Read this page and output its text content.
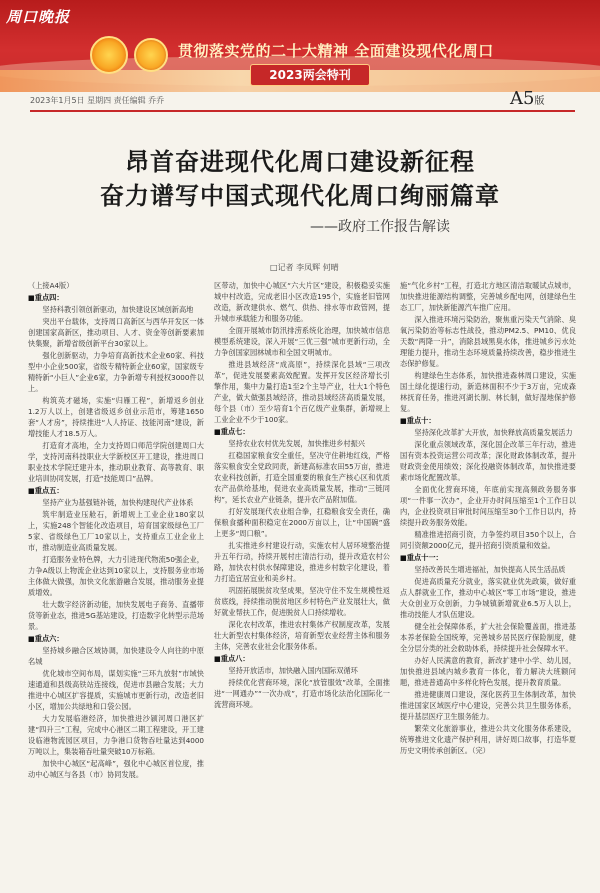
周口晚报
贯彻落实党的二十大精神 全面建设现代化周口
2023两会特刊
2023年1月5日 星期四 责任编辑 乔乔	A5版
昂首奋进现代化周口建设新征程
奋力谱写中国式现代化周口绚丽篇章
——政府工作报告解读
□记者 李凤辉 何晴

（上接A4版）

■重点四：

坚持科教引领创新驱动，加快建设区域创新高地

突出平台载体，支持周口高新区与西华开发区一体创建国家高新区，推动项目、人才、资金等创新要素加快集聚，新增省级创新平台30家以上。

强化创新驱动，力争培育高新技术企业60家、科技型中小企业500家，省级专精特新企业60家，国家级专精特新“小巨人”企业6家，力争新增专利授权3000件以上。

构筑英才磁场，实施“归雁工程”，新增返乡创业1.2万人以上，创建省级返乡创业示范市，筹建1650套“人才房”，持续推进“人人持证、技能河南”建设，新增技能人才18.5万人。

打造育才高地，全力支持周口师范学院创建周口大学，支持河南科技职业大学新校区开工建设，推进周口职业技术学院迁建升本，推动职业教育、高等教育、职业培训协同发展，打造“技能周口”品牌。

■重点五：

坚持产业为基强链补链，加快构建现代产业体系

筑牢制造业压舱石，新增规上工业企业180家以上，实施248个智能化改造项目，培育国家级绿色工厂5家、省级绿色工厂10家以上，支持重点工业企业上市，推动制造业高质量发展。

打造服务业特色牌，大力引进现代物流50强企业，力争A级以上物流企业达到10家以上，支持服务业市场主体做大做强，加快文化旅游融合发展，推动服务业提质增效。

壮大数字经济新动能，加快发展电子商务、直播带货等新业态，推进5G基站建设，打造数字化转型示范场景。

■重点六：

坚持城乡融合区域协调，加快建设令人向往的中原名城

优化城市空间布局，谋划实施“三环九放射”市域快速通道和县级高铁站连接线，促进市县融合发展；大力推进中心城区扩容提质，实施城市更新行动，改造老旧小区，增加公共绿地和口袋公园。

大力发展临港经济，加快推进沙颍河周口港区扩建“四升三”工程，完成中心港区二期工程建设，开工建设临港物流园区项目，力争港口货物吞吐量达到4000万吨以上，集装箱吞吐量突破10万标箱。

加快中心城区“起高峰”，强化中心城区首位度，推动中心城区与各县（市）协同发展。

区带动，加快中心城区“六大片区”建设，积极稳妥实施城中村改造，完成老旧小区改造195个，实施老旧管网改造，新改建供水、燃气、供热、排水等市政管网，提升城市承载能力和服务功能。

全面开展城市防汛排涝系统化治理，加快城市信息模型系统建设，深入开展“三优三强”城市更新行动，全力争创国家园林城市和全国文明城市。

推进县域经济“成高原”，持续深化县域“三项改革”，促进发展要素高效配置。发挥开发区经济增长引擎作用，集中力量打造1至2个主导产业，壮大1个特色产业，做大做强县域经济，推动县域经济高质量发展，每个县（市）至少培育1个百亿级产业集群，新增规上工业企业不少于100家。

■重点七：

坚持农业农村优先发展，加快推进乡村振兴

扛稳国家粮食安全重任，坚决守住耕地红线，严格落实粮食安全党政同责，新建高标准农田55万亩，推进农业科技创新，打造全国重要的粮食生产核心区和优质农产品供给基地，促进农业高质量发展，推动“三链同构”，延长农业产业链条，提升农产品附加值。

打好发展现代农业组合拳，扛稳粮食安全责任，确保粮食播种面积稳定在2000万亩以上，让“中国碗”盛上更多“周口粮”。

扎实推进乡村建设行动，实施农村人居环境整治提升五年行动，持续开展村庄清洁行动，提升改造农村公路，加快农村供水保障建设，推进乡村数字化建设，着力打造宜居宜业和美乡村。

巩固拓展脱贫攻坚成果，坚决守住不发生规模性返贫底线，持续推动脱贫地区乡村特色产业发展壮大，做好就业帮扶工作，促进脱贫人口持续增收。

深化农村改革，推进农村集体产权制度改革，发展壮大新型农村集体经济，培育新型农业经营主体和服务主体，完善农业社会化服务体系。

■重点八：

坚持开放活市，加快融入国内国际双循环

持续优化营商环境，深化“放管服效”改革，全面推进“一网通办”“一次办成”，打造市场化法治化国际化一流营商环境。

施“气化乡村”工程，打造北方地区清洁取暖试点城市，加快推进能源结构调整，完善城乡配电网，创建绿色生态工厂，加快新能源汽车推广应用。

深入推进环境污染防治，聚焦重污染天气消除、臭氧污染防治等标志性战役，推动PM2.5、PM10、优良天数“两降一升”，消除县域黑臭水体，推进城乡污水处理能力提升，推动生态环境质量持续改善，稳步推进生态保护修复。

构建绿色生态体系，加快推进森林周口建设，实施国土绿化提速行动，新造林面积不少于3万亩，完成森林抚育任务，推进河湖长制、林长制，做好湿地保护修复。

■重点十：

坚持深化改革扩大开放，加快释放高质量发展活力

深化重点领域改革，深化国企改革三年行动，推进国有资本投资运营公司改革；深化财政体制改革，提升财政资金使用绩效；深化投融资体制改革，加快推进要素市场化配置改革。

全面优化营商环境，年底前实现高频政务服务事项“一件事一次办”，企业开办时间压缩至1个工作日以内，企业投资项目审批时间压缩至30个工作日以内，持续提升政务服务效能。

精准推进招商引资，力争签约项目350个以上，合同引资额2000亿元，提升招商引资质量和效益。

■重点十一：

坚持改善民生增进福祉，加快提高人民生活品质

促进高质量充分就业，落实就业优先政策，做好重点人群就业工作，推动中心城区“零工市场”建设，推进大众创业万众创新，力争城镇新增就业6.5万人以上，推动技能人才队伍建设。

健全社会保障体系，扩大社会保险覆盖面，推进基本养老保险全国统筹，完善城乡居民医疗保险制度，健全分层分类的社会救助体系，持续提升社会保障水平。

办好人民满意的教育，新改扩建中小学、幼儿园，加快推进县域内城乡教育一体化，着力解决大班额问题，推进普通高中多样化特色发展，提升教育质量。

推进健康周口建设，深化医药卫生体制改革，加快推进国家区域医疗中心建设，完善公共卫生服务体系，提升基层医疗卫生服务能力。

繁荣文化旅游事业，推进公共文化服务体系建设，统筹推进文化遗产保护利用，讲好周口故事，打造华夏历史文明传承创新区。（完）
